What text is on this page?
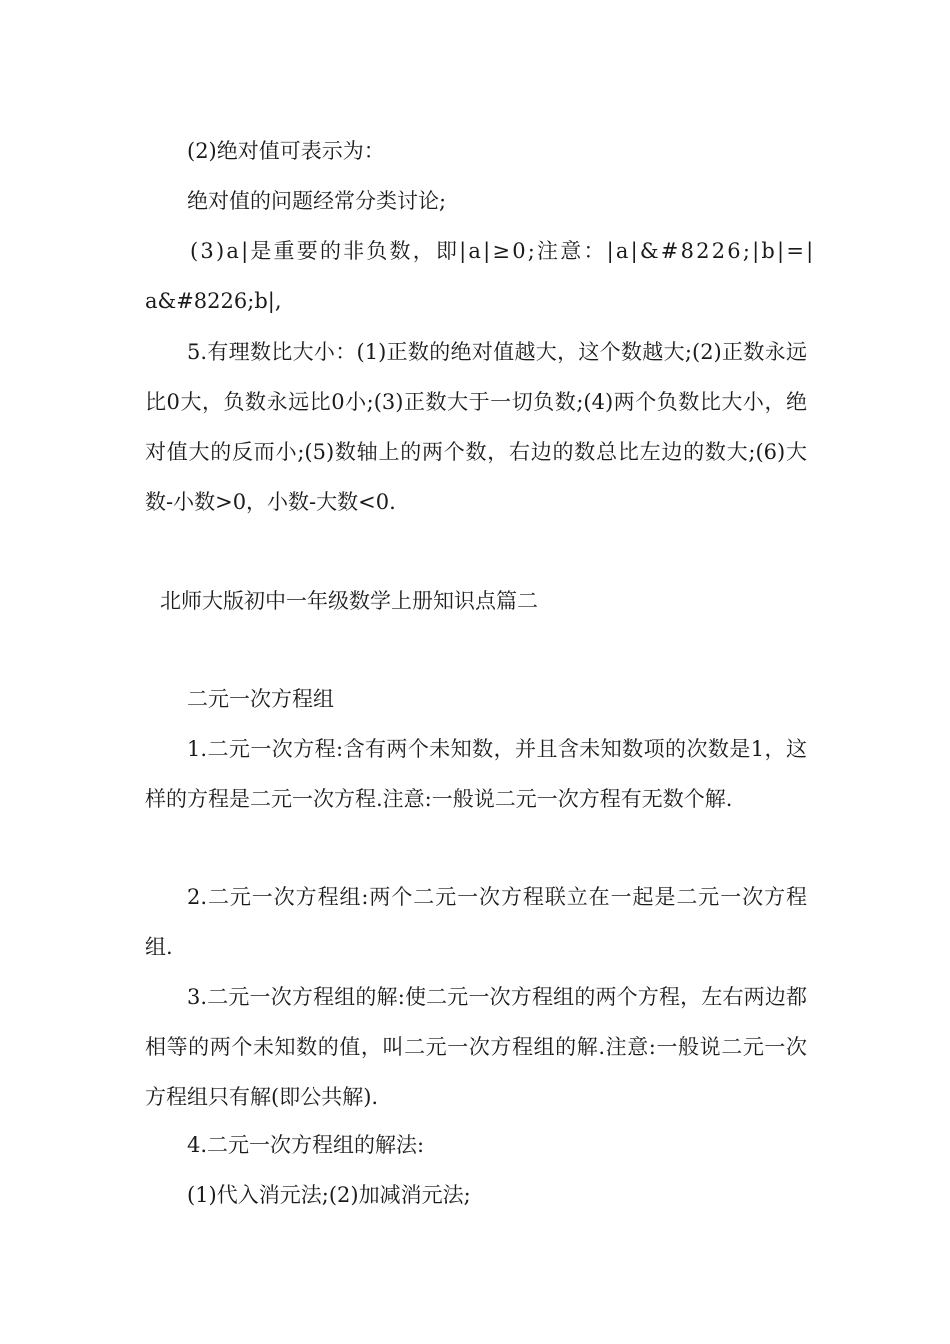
(2)绝对值可表示为：

绝对值的问题经常分类讨论;

(3)a|是重要的非负数，即|a|≥0;注意：|a|&#8226;|b|=|

a&#8226;b|,

5.有理数比大小：(1)正数的绝对值越大，这个数越大;(2)正数永远比0大，负数永远比0小;(3)正数大于一切负数;(4)两个负数比大小，绝对值大的反而小;(5)数轴上的两个数，右边的数总比左边的数大;(6)大数-小数>0，小数-大数<0.

北师大版初中一年级数学上册知识点篇二

二元一次方程组

1.二元一次方程:含有两个未知数，并且含未知数项的次数是1，这样的方程是二元一次方程.注意:一般说二元一次方程有无数个解.

2.二元一次方程组:两个二元一次方程联立在一起是二元一次方程组.

3.二元一次方程组的解:使二元一次方程组的两个方程，左右两边都相等的两个未知数的值，叫二元一次方程组的解.注意:一般说二元一次方程组只有解(即公共解).

4.二元一次方程组的解法:

(1)代入消元法;(2)加减消元法;
